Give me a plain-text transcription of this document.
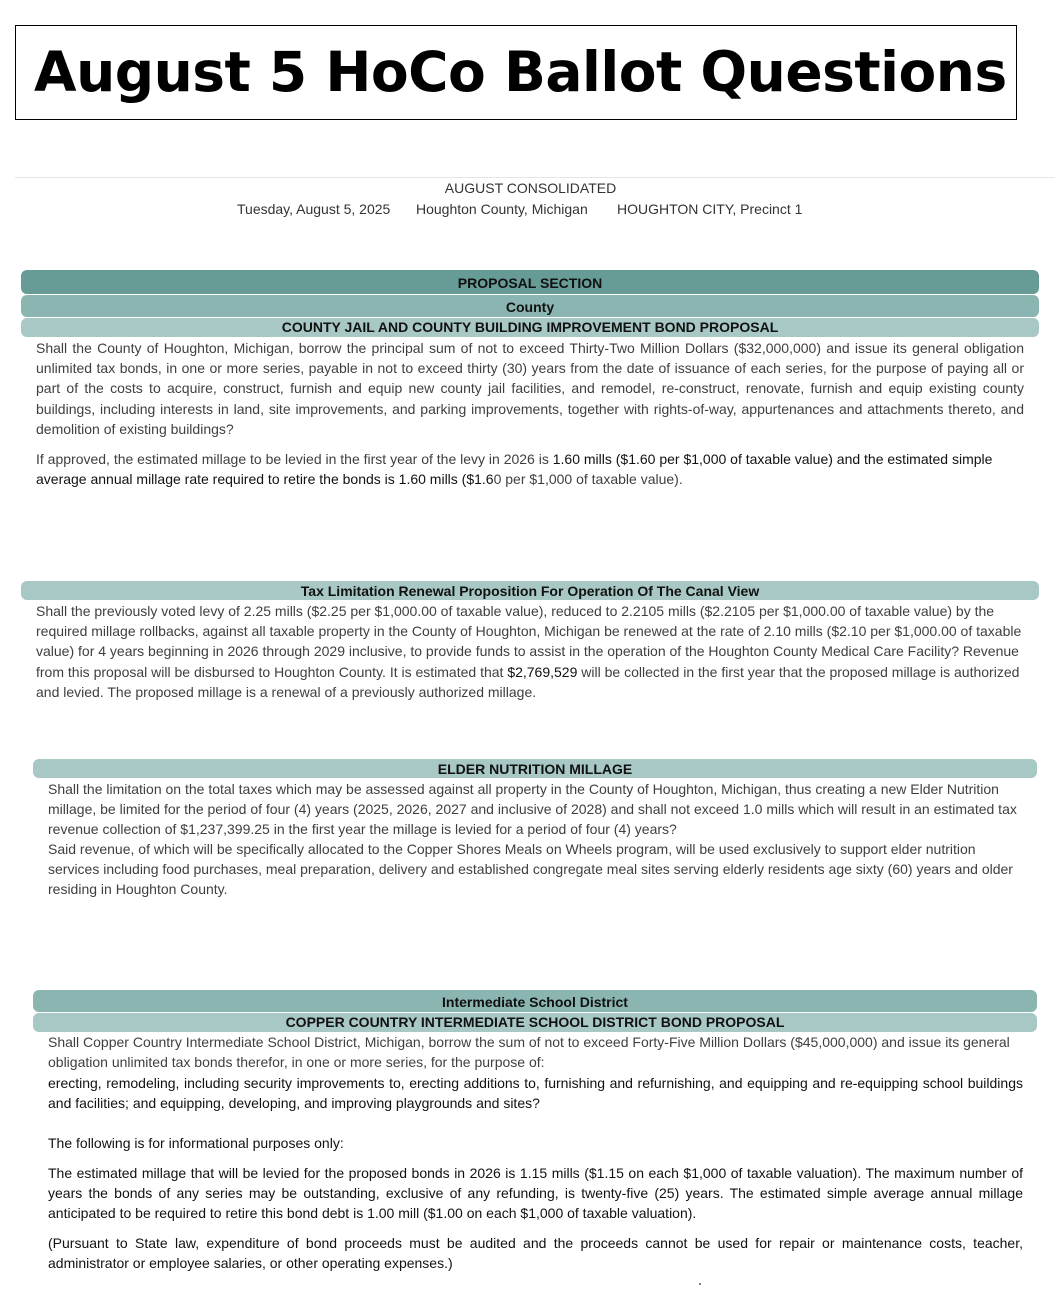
August 5 HoCo Ballot Questions
AUGUST CONSOLIDATED
Tuesday, August 5, 2025 Houghton County, Michigan HOUGHTON CITY, Precinct 1
PROPOSAL SECTION
County
COUNTY JAIL AND COUNTY BUILDING IMPROVEMENT BOND PROPOSAL

Shall the County of Houghton, Michigan, borrow the principal sum of not to exceed Thirty-Two Million Dollars ($32,000,000) and issue its general obligation unlimited tax bonds, in one or more series, payable in not to exceed thirty (30) years from the date of issuance of each series, for the purpose of paying all or part of the costs to acquire, construct, furnish and equip new county jail facilities, and remodel, re-construct, renovate, furnish and equip existing county buildings, including interests in land, site improvements, and parking improvements, together with rights-of-way, appurtenances and attachments thereto, and demolition of existing buildings?

If approved, the estimated millage to be levied in the first year of the levy in 2026 is 1.60 mills ($1.60 per $1,000 of taxable value) and the estimated simple average annual millage rate required to retire the bonds is 1.60 mills ($1.60 per $1,000 of taxable value).

Tax Limitation Renewal Proposition For Operation Of The Canal View

Shall the previously voted levy of 2.25 mills ($2.25 per $1,000.00 of taxable value), reduced to 2.2105 mills ($2.2105 per $1,000.00 of taxable value) by the required millage rollbacks, against all taxable property in the County of Houghton, Michigan be renewed at the rate of 2.10 mills ($2.10 per $1,000.00 of taxable value) for 4 years beginning in 2026 through 2029 inclusive, to provide funds to assist in the operation of the Houghton County Medical Care Facility? Revenue from this proposal will be disbursed to Houghton County. It is estimated that $2,769,529 will be collected in the first year that the proposed millage is authorized and levied. The proposed millage is a renewal of a previously authorized millage.

ELDER NUTRITION MILLAGE

Shall the limitation on the total taxes which may be assessed against all property in the County of Houghton, Michigan, thus creating a new Elder Nutrition millage, be limited for the period of four (4) years (2025, 2026, 2027 and inclusive of 2028) and shall not exceed 1.0 mills which will result in an estimated tax revenue collection of $1,237,399.25 in the first year the millage is levied for a period of four (4) years?

Said revenue, of which will be specifically allocated to the Copper Shores Meals on Wheels program, will be used exclusively to support elder nutrition services including food purchases, meal preparation, delivery and established congregate meal sites serving elderly residents age sixty (60) years and older residing in Houghton County.

Intermediate School District
COPPER COUNTRY INTERMEDIATE SCHOOL DISTRICT BOND PROPOSAL

Shall Copper Country Intermediate School District, Michigan, borrow the sum of not to exceed Forty-Five Million Dollars ($45,000,000) and issue its general obligation unlimited tax bonds therefor, in one or more series, for the purpose of:

erecting, remodeling, including security improvements to, erecting additions to, furnishing and refurnishing, and equipping and re-equipping school buildings and facilities; and equipping, developing, and improving playgrounds and sites?

The following is for informational purposes only:

The estimated millage that will be levied for the proposed bonds in 2026 is 1.15 mills ($1.15 on each $1,000 of taxable valuation). The maximum number of years the bonds of any series may be outstanding, exclusive of any refunding, is twenty-five (25) years. The estimated simple average annual millage anticipated to be required to retire this bond debt is 1.00 mill ($1.00 on each $1,000 of taxable valuation).

(Pursuant to State law, expenditure of bond proceeds must be audited and the proceeds cannot be used for repair or maintenance costs, teacher, administrator or employee salaries, or other operating expenses.)
